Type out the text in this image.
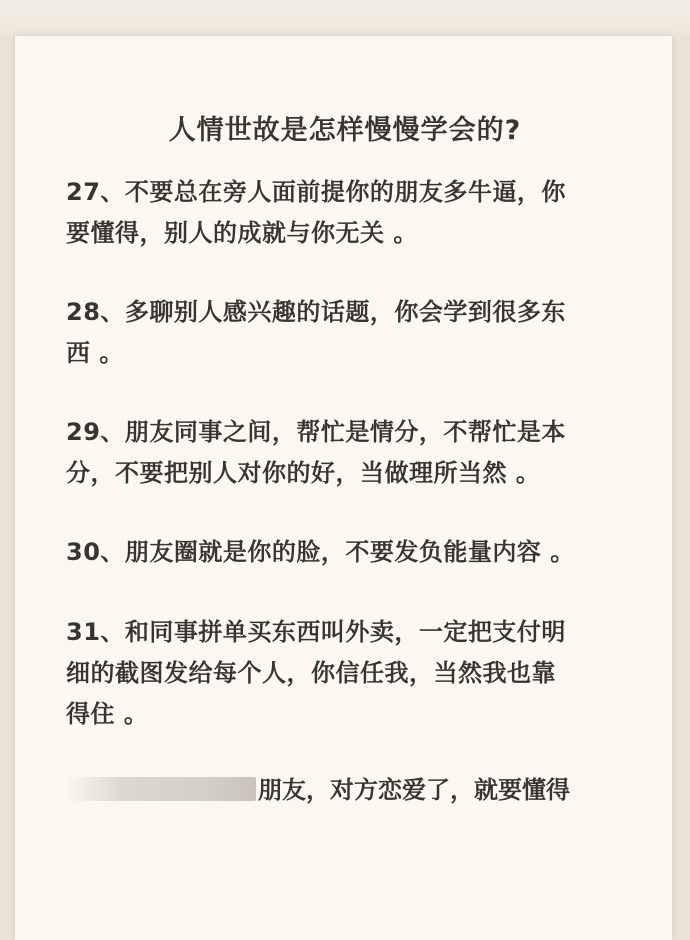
人情世故是怎样慢慢学会的?
27、不要总在旁人面前提你的朋友多牛逼，你
要懂得，别人的成就与你无关 。
28、多聊别人感兴趣的话题，你会学到很多东
西 。
29、朋友同事之间，帮忙是情分，不帮忙是本
分，不要把别人对你的好，当做理所当然 。
30、朋友圈就是你的脸，不要发负能量内容 。
31、和同事拼单买东西叫外卖，一定把支付明
细的截图发给每个人，你信任我，当然我也靠
得住 。
朋友，对方恋爱了，就要懂得
